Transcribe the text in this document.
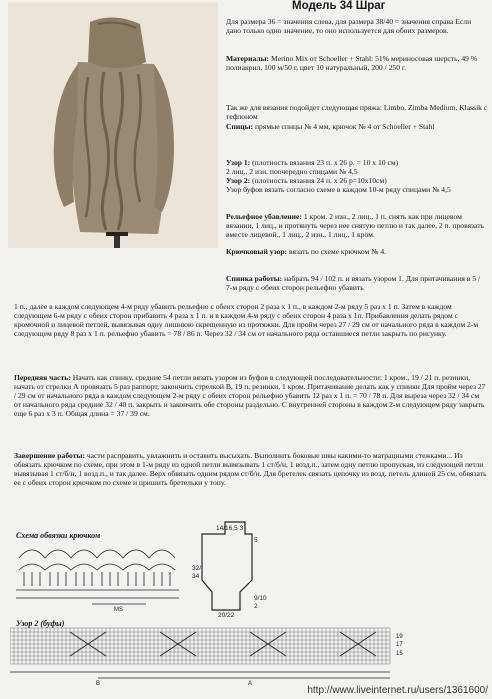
Модель 34 Шраг

Для размера 36 = значения слева, для размера 38/40 = значения справа Если дано только одно значение, то оно используется для обоих размеров.

Материалы: Merino Mix от Schoeller + Stahl: 51% мериносовая шерсть, 49 % полиакрил, 100 м/50 г, цвет 10 натуральный, 200 / 250 г.

Так же для вязания подойдет следующая пряжа: Limbo, Zimba Medium, Klassik с тефлоном

Спицы: прямые спицы № 4 мм, крючок № 4 от Schoeller + Stahl

Узор 1: (плотность вязания 23 п. х 26 р. = 10 х 10 см)

2 лиц., 2 изн. поочередно спицами № 4,5

Узор 2: (плотность вязания 24 п. х 26 р=10х10см)

Узор буфов вязать согласно схеме в каждом 10-м ряду спицами № 4,5

Рельефное убавление: 1 кром. 2 изн., 2 лиц., 1 п. снять как при лицевом вязании, 1 лиц., и протянуть через нее снятую петлю и так далее, 2 п. провязать вместе лицевой., 1 лиц., 2 изн., 1 лиц., 1 кром.

Крючковый узор: вязать по схеме крючком № 4.

Спинка работы: набрать 94 / 102 п. и вязать узором 1. Для притачивания в 5 / 7-м ряду с обеих сторон рельефно убавить

1 п., далее в каждом следующем 4-м ряду убавить рельефно с обеих сторон 2 раза х 1 п., в каждом 2-м ряду 5 раз х 1 п. Затем в каждом следующем 6-м ряду с обеих сторон прибавить 4 раза х 1 п. и в каждом 4-м ряду с обеих сторон 4 раза х 1п. Прибавления делать рядом с кромочной и лицевой петлей, вывязывая одну лишнюю скрещенную из протяжки. Для пройм через 27 / 29 см от начального ряда в каждом 2-м следующем ряду 8 раз х 1 п. рельефно убавить = 78 / 86 п. Через 32 / 34 см от начального ряда оставшиеся петли закрыть по рисунку.

Передняя часть: Начать как спинку, средние 54 петли вязать узором из буфов в следующей последовательности: 1 кром., 19 / 21 п. резинки, начать от стрелки А провязать 5 раз раппорт, закончить стрелкой В, 19 п. резинки, 1 кром. Притачивание делать как у спинки Для пройм через 27 / 29 см от начального ряда в каждом следующем 2-м ряду с обеих сторон рельефно убавить 12 раз х 1 п. = 70 / 78 п. Для выреза через 32 / 34 см от начального ряда средние 32 / 40 п. закрыть и закончить обе стороны раздельно. С внутренней стороны в каждом 2-м следующем ряду закрыть еще 6 раз х 3 п. Общая длина = 37 / 39 см.

Завершение работы: части расправить, увлажнить и оставить высыхать. Выполнить боковые швы какими-то матрацными стежками... Из обвязать крючком по схеме, при этом в 1-м ряду из одной петли вывязывать 1 ст/б/н, 1 возд.п., затем одну петлю пропуская, из следующей петли вывязывая 1 ст/б/н, 1 возд.п., и так далее. Верх обвязать одним рядом ст/б/н. Для бретелек связать цепочку из возд. петель длиной 25 см, обвязать ее с обеих сторон крючком по схеме и пришить бретельки у топу.

Схема обвязки крючком
MS
14/16,5 3
32/
34
5
9/10
2
20/22
Узор 2 (буфы)
19
17
15
B	A
http://www.liveinternet.ru/users/1361600/
